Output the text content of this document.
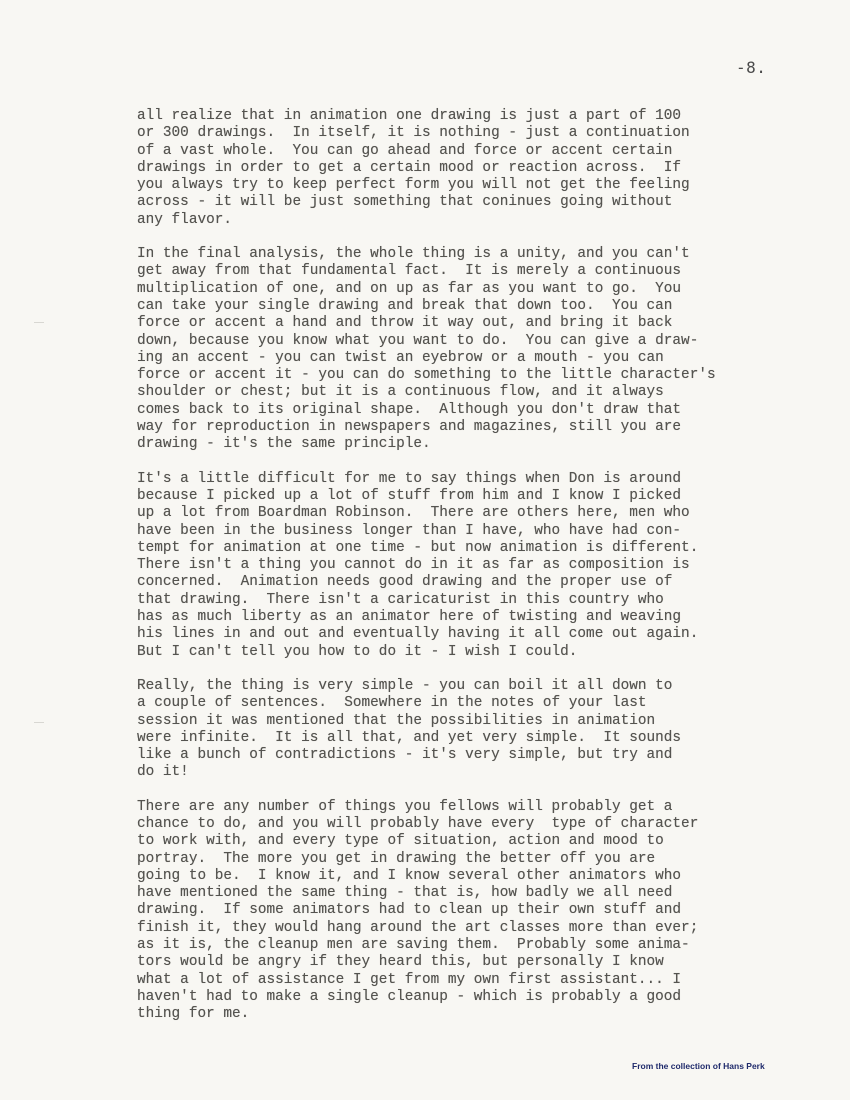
-8.

all realize that in animation one drawing is just a part of 100

or 300 drawings.  In itself, it is nothing - just a continuation

of a vast whole.  You can go ahead and force or accent certain

drawings in order to get a certain mood or reaction across.  If

you always try to keep perfect form you will not get the feeling

across - it will be just something that coninues going without

any flavor.

In the final analysis, the whole thing is a unity, and you can't

get away from that fundamental fact.  It is merely a continuous

multiplication of one, and on up as far as you want to go.  You

can take your single drawing and break that down too.  You can

force or accent a hand and throw it way out, and bring it back

down, because you know what you want to do.  You can give a draw-

ing an accent - you can twist an eyebrow or a mouth - you can

force or accent it - you can do something to the little character's

shoulder or chest; but it is a continuous flow, and it always

comes back to its original shape.  Although you don't draw that

way for reproduction in newspapers and magazines, still you are

drawing - it's the same principle.

It's a little difficult for me to say things when Don is around

because I picked up a lot of stuff from him and I know I picked

up a lot from Boardman Robinson.  There are others here, men who

have been in the business longer than I have, who have had con-

tempt for animation at one time - but now animation is different.

There isn't a thing you cannot do in it as far as composition is

concerned.  Animation needs good drawing and the proper use of

that drawing.  There isn't a caricaturist in this country who

has as much liberty as an animator here of twisting and weaving

his lines in and out and eventually having it all come out again.

But I can't tell you how to do it - I wish I could.

Really, the thing is very simple - you can boil it all down to

a couple of sentences.  Somewhere in the notes of your last

session it was mentioned that the possibilities in animation

were infinite.  It is all that, and yet very simple.  It sounds

like a bunch of contradictions - it's very simple, but try and

do it!

There are any number of things you fellows will probably get a

chance to do, and you will probably have every  type of character

to work with, and every type of situation, action and mood to

portray.  The more you get in drawing the better off you are

going to be.  I know it, and I know several other animators who

have mentioned the same thing - that is, how badly we all need

drawing.  If some animators had to clean up their own stuff and

finish it, they would hang around the art classes more than ever;

as it is, the cleanup men are saving them.  Probably some anima-

tors would be angry if they heard this, but personally I know

what a lot of assistance I get from my own first assistant... I

haven't had to make a single cleanup - which is probably a good

thing for me.

From the collection of Hans Perk
